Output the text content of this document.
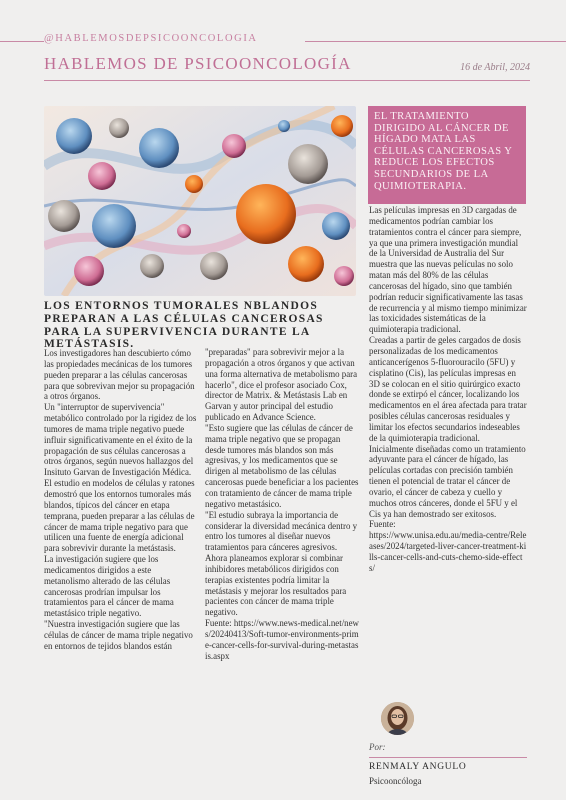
@HABLEMOSDEPSICOONCOLOGIA
HABLEMOS DE PSICOONCOLOGÍA	16 de Abril, 2024
LOS ENTORNOS TUMORALES NBLANDOS PREPARAN A LAS CÉLULAS CANCEROSAS PARA LA SUPERVIVENCIA DURANTE LA METÁSTASIS.

Los investigadores han descubierto cómo las propiedades mecánicas de los tumores pueden preparar a las células cancerosas para que sobrevivan mejor su propagación a otros órganos.

Un "interruptor de supervivencia" metabólico controlado por la rigidez de los tumores de mama triple negativo puede influir significativamente en el éxito de la propagación de sus células cancerosas a otros órganos, según nuevos hallazgos del Insituto Garvan de Investigación Médica.

El estudio en modelos de células y ratones demostró que los entornos tumorales más blandos, típicos del cáncer en etapa temprana, pueden preparar a las células de cáncer de mama triple negativo para que utilicen una fuente de energía adicional para sobrevivir durante la metástasis.

La investigación sugiere que los medicamentos dirigidos a este metanolismo alterado de las células cancerosas prodrían impulsar los tratamientos para el cáncer de mama metastásico triple negativo.

"Nuestra investigación sugiere que las células de cáncer de mama triple negativo en entornos de tejidos blandos están

"preparadas" para sobrevivir mejor a la propagación a otros órganos y que activan una forma alternativa de metabolismo para hacerlo", dice el profesor asociado Cox, director de Matrix. & Metástasis Lab en Garvan y autor principal del estudio publicado en Advance Science.

"Esto sugiere que las células de cáncer de mama triple negativo que se propagan desde tumores más blandos son más agresivas, y los medicamentos que se dirigen al metabolismo de las células cancerosas puede beneficiar a los pacientes con tratamiento de cáncer de mama triple negativo metastásico.

"El estudio subraya la importancia de considerar la diversidad mecánica dentro y entro los tumores al diseñar nuevos tratamientos para cánceres agresivos. Ahora planeamos explorar si combinar inhibidores metabólicos dirigidos con terapias existentes podría limitar la metástasis y mejorar los resultados para pacientes con cáncer de mama triple negativo.

Fuente: https://www.news-medical.net/news/20240413/Soft-tumor-environments-prime-cancer-cells-for-survival-during-metastasis.aspx

EL TRATAMIENTO DIRIGIDO AL CÁNCER DE HÍGADO MATA LAS CÉLULAS CANCEROSAS Y REDUCE LOS EFECTOS SECUNDARIOS DE LA QUIMIOTERAPIA.

Las películas impresas en 3D cargadas de medicamentos podrían cambiar los tratamientos contra el cáncer para siempre, ya que una primera investigación mundial de la Universidad de Australia del Sur muestra que las nuevas películas no solo matan más del 80% de las células cancerosas del hígado, sino que también podrían reducir significativamente las tasas de recurrencia y al mismo tiempo minimizar las toxicidades sistemáticas de la quimioterapia tradicional.

Creadas a partir de geles cargados de dosis personalizadas de los medicamentos anticancerígenos 5-fluorouracilo (5FU) y cisplatino (Cis), las películas impresas en 3D se colocan en el sitio quirúrgico exacto donde se extirpó el cáncer, localizando los medicamentos en el área afectada para tratar posibles células cancerosas residuales y limitar los efectos secundarios indeseables de la quimioterapia tradicional.

Inicialmente diseñadas como un tratamiento adyuvante para el cáncer de hígado, las películas cortadas con precisión también tienen el potencial de tratar el cáncer de ovario, el cáncer de cabeza y cuello y muchos otros cánceres, donde el 5FU y el Cis ya han demostrado ser exitosos.

Fuente:

https://www.unisa.edu.au/media-centre/Releases/2024/targeted-liver-cancer-treatment-kills-cancer-cells-and-cuts-chemo-side-effects/

Por:
RENMALY ANGULO
Psicooncóloga
